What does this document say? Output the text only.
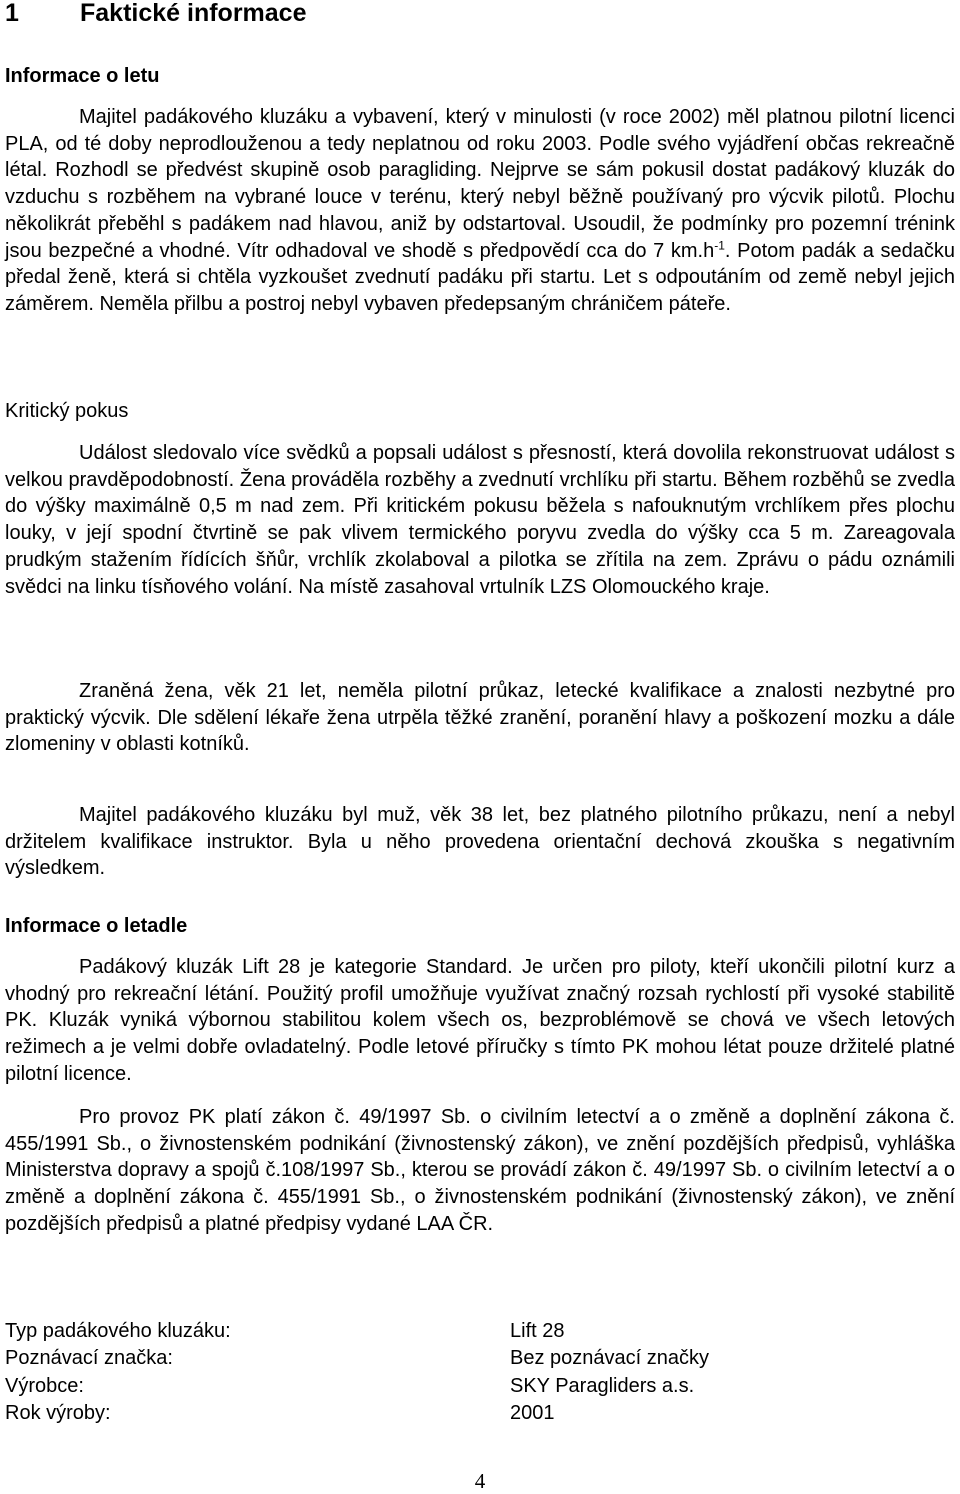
1 Faktické informace
Informace o letu

Majitel padákového kluzáku a vybavení, který v minulosti (v roce 2002) měl platnou pilotní licenci PLA, od té doby neprodlouženou a tedy neplatnou od roku 2003. Podle svého vyjádření občas rekreačně létal. Rozhodl se předvést skupině osob paragliding. Nejprve se sám pokusil dostat padákový kluzák do vzduchu s rozběhem na vybrané louce v terénu, který nebyl běžně používaný pro výcvik pilotů. Plochu několikrát přeběhl s padákem nad hlavou, aniž by odstartoval. Usoudil, že podmínky pro pozemní trénink jsou bezpečné a vhodné. Vítr odhadoval ve shodě s předpovědí cca do 7 $km.h^{-1}$. Potom padák a sedačku předal ženě, která si chtěla vyzkoušet zvednutí padáku při startu. Let s odpoutáním od země nebyl jejich záměrem. Neměla přilbu a postroj nebyl vybaven předepsaným chráničem páteře.

Kritický pokus

Událost sledovalo více svědků a popsali událost s přesností, která dovolila rekonstruovat událost s velkou pravděpodobností. Žena prováděla rozběhy a zvednutí vrchlíku při startu. Během rozběhů se zvedla do výšky maximálně 0,5 m nad zem. Při kritickém pokusu běžela s nafouknutým vrchlíkem přes plochu louky, v její spodní čtvrtině se pak vlivem termického poryvu zvedla do výšky cca 5 m. Zareagovala prudkým stažením řídících šňůr, vrchlík zkolaboval a pilotka se zřítila na zem. Zprávu o pádu oznámili svědci na linku tísňového volání. Na místě zasahoval vrtulník LZS Olomouckého kraje.

Zraněná žena, věk 21 let, neměla pilotní průkaz, letecké kvalifikace a znalosti nezbytné pro praktický výcvik. Dle sdělení lékaře žena utrpěla těžké zranění, poranění hlavy a poškození mozku a dále zlomeniny v oblasti kotníků.

Majitel padákového kluzáku byl muž, věk 38 let, bez platného pilotního průkazu, není a nebyl držitelem kvalifikace instruktor. Byla u něho provedena orientační dechová zkouška s negativním výsledkem.

Informace o letadle

Padákový kluzák Lift 28 je kategorie Standard. Je určen pro piloty, kteří ukončili pilotní kurz a vhodný pro rekreační létání. Použitý profil umožňuje využívat značný rozsah rychlostí při vysoké stabilitě PK. Kluzák vyniká výbornou stabilitou kolem všech os, bezproblémově se chová ve všech letových režimech a je velmi dobře ovladatelný. Podle letové příručky s tímto PK mohou létat pouze držitelé platné pilotní licence.

Pro provoz PK platí zákon č. 49/1997 Sb. o civilním letectví a o změně a doplnění zákona č. 455/1991 Sb., o živnostenském podnikání (živnostenský zákon), ve znění pozdějších předpisů, vyhláška Ministerstva dopravy a spojů č.108/1997 Sb., kterou se provádí zákon č. 49/1997 Sb. o civilním letectví a o změně a doplnění zákona č. 455/1991 Sb., o živnostenském podnikání (živnostenský zákon), ve znění pozdějších předpisů a platné předpisy vydané LAA ČR.

Typ padákového kluzáku:	Lift 28
Poznávací značka:	Bez poznávací značky
Výrobce:	SKY Paragliders a.s.
Rok výroby:	2001
4
